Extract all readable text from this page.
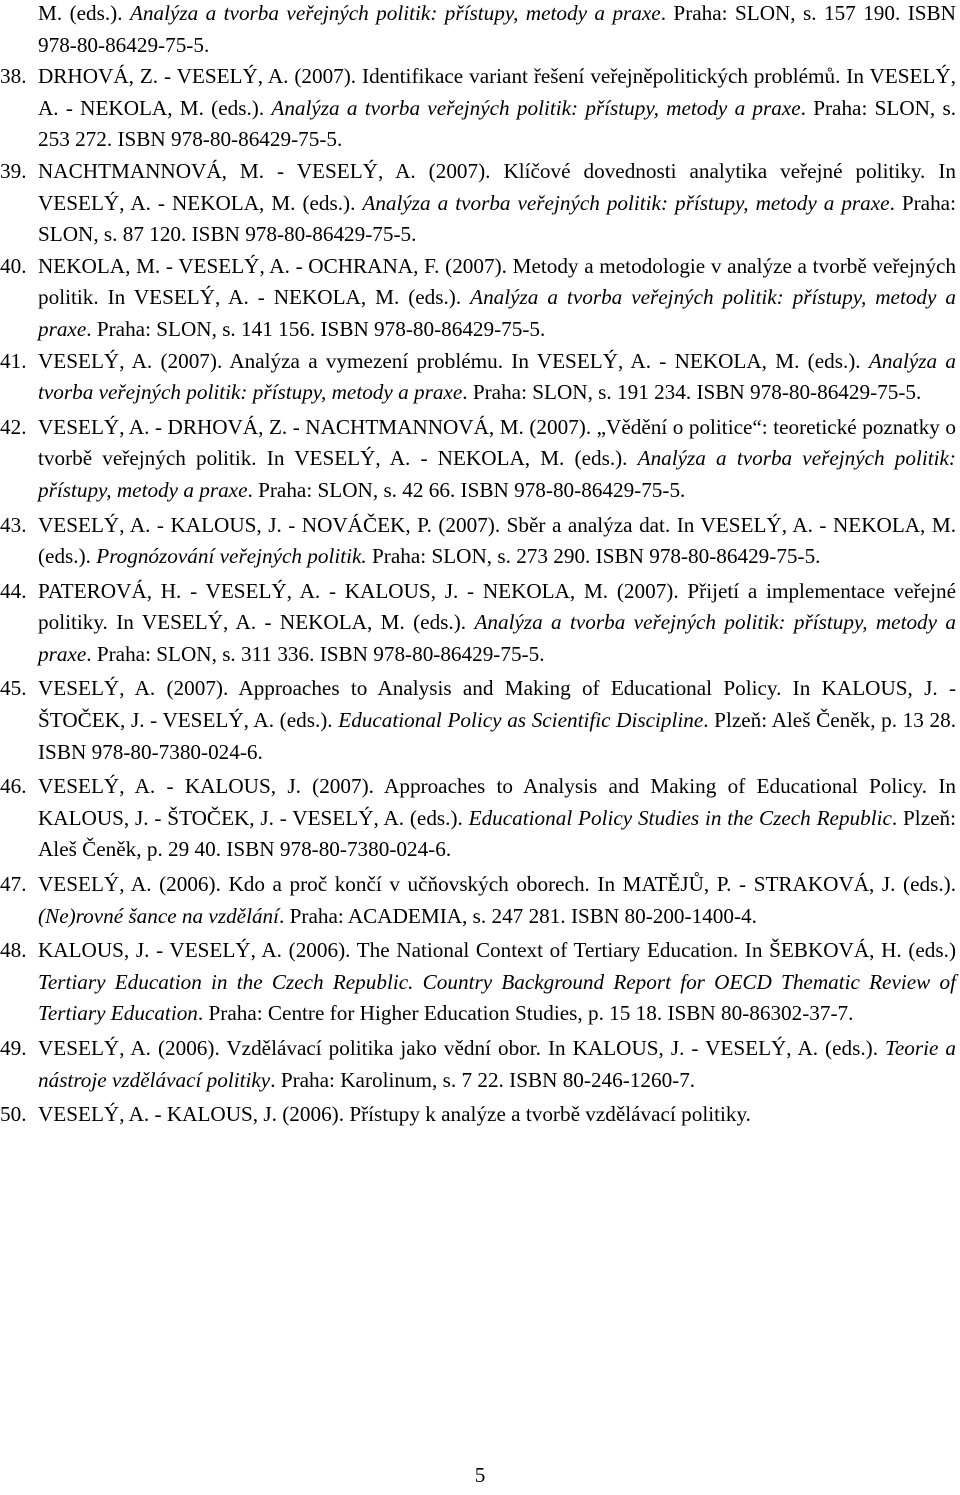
M. (eds.). Analýza a tvorba veřejných politik: přístupy, metody a praxe. Praha: SLON, s. 157 190. ISBN 978-80-86429-75-5.

38. DRHOVÁ, Z. - VESELÝ, A. (2007). Identifikace variant řešení veřejněpolitických problémů. In VESELÝ, A. - NEKOLA, M. (eds.). Analýza a tvorba veřejných politik: přístupy, metody a praxe. Praha: SLON, s. 253 272. ISBN 978-80-86429-75-5.

39. NACHTMANNOVÁ, M. - VESELÝ, A. (2007). Klíčové dovednosti analytika veřejné politiky. In VESELÝ, A. - NEKOLA, M. (eds.). Analýza a tvorba veřejných politik: přístupy, metody a praxe. Praha: SLON, s. 87 120. ISBN 978-80-86429-75-5.

40. NEKOLA, M. - VESELÝ, A. - OCHRANA, F. (2007). Metody a metodologie v analýze a tvorbě veřejných politik. In VESELÝ, A. - NEKOLA, M. (eds.). Analýza a tvorba veřejných politik: přístupy, metody a praxe. Praha: SLON, s. 141 156. ISBN 978-80-86429-75-5.

41. VESELÝ, A. (2007). Analýza a vymezení problému. In VESELÝ, A. - NEKOLA, M. (eds.). Analýza a tvorba veřejných politik: přístupy, metody a praxe. Praha: SLON, s. 191 234. ISBN 978-80-86429-75-5.

42. VESELÝ, A. - DRHOVÁ, Z. - NACHTMANNOVÁ, M. (2007). „Vědění o politice“: teoretické poznatky o tvorbě veřejných politik. In VESELÝ, A. - NEKOLA, M. (eds.). Analýza a tvorba veřejných politik: přístupy, metody a praxe. Praha: SLON, s. 42 66. ISBN 978-80-86429-75-5.

43. VESELÝ, A. - KALOUS, J. - NOVÁČEK, P. (2007). Sběr a analýza dat. In VESELÝ, A. - NEKOLA, M. (eds.). Prognózování veřejných politik. Praha: SLON, s. 273 290. ISBN 978-80-86429-75-5.

44. PATEROVÁ, H. - VESELÝ, A. - KALOUS, J. - NEKOLA, M. (2007). Přijetí a implementace veřejné politiky. In VESELÝ, A. - NEKOLA, M. (eds.). Analýza a tvorba veřejných politik: přístupy, metody a praxe. Praha: SLON, s. 311 336. ISBN 978-80-86429-75-5.

45. VESELÝ, A. (2007). Approaches to Analysis and Making of Educational Policy. In KALOUS, J. - ŠTOČEK, J. - VESELÝ, A. (eds.). Educational Policy as Scientific Discipline. Plzeň: Aleš Čeněk, p. 13 28. ISBN 978-80-7380-024-6.

46. VESELÝ, A. - KALOUS, J. (2007). Approaches to Analysis and Making of Educational Policy. In KALOUS, J. - ŠTOČEK, J. - VESELÝ, A. (eds.). Educational Policy Studies in the Czech Republic. Plzeň: Aleš Čeněk, p. 29 40. ISBN 978-80-7380-024-6.

47. VESELÝ, A. (2006). Kdo a proč končí v učňovských oborech. In MATĚJŮ, P. - STRAKOVÁ, J. (eds.). (Ne)rovné šance na vzdělání. Praha: ACADEMIA, s. 247 281. ISBN 80-200-1400-4.

48. KALOUS, J. - VESELÝ, A. (2006). The National Context of Tertiary Education. In ŠEBKOVÁ, H. (eds.) Tertiary Education in the Czech Republic. Country Background Report for OECD Thematic Review of Tertiary Education. Praha: Centre for Higher Education Studies, p. 15 18. ISBN 80-86302-37-7.

49. VESELÝ, A. (2006). Vzdělávací politika jako vědní obor. In KALOUS, J. - VESELÝ, A. (eds.). Teorie a nástroje vzdělávací politiky. Praha: Karolinum, s. 7 22. ISBN 80-246-1260-7.

50. VESELÝ, A. - KALOUS, J. (2006). Přístupy k analýze a tvorbě vzdělávací politiky.

5
